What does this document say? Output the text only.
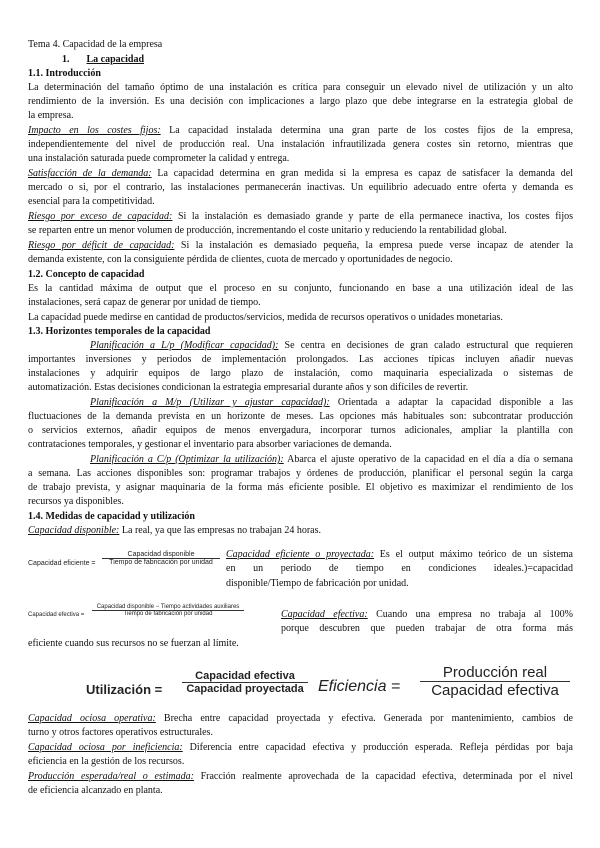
Tema 4. Capacidad de la empresa
1. La capacidad
1.1. Introducción
La determinación del tamaño óptimo de una instalación es crítica para conseguir un elevado nivel de utilización y un alto
rendimiento de la inversión. Es una decisión con implicaciones a largo plazo que debe integrarse en la estrategia global de
la empresa.
Impacto en los costes fijos: La capacidad instalada determina una gran parte de los costes fijos de la empresa,
independientemente del nivel de producción real. Una instalación infrautilizada genera costes sin retorno, mientras que
una instalación saturada puede comprometer la calidad y entrega.
Satisfacción de la demanda: La capacidad determina en gran medida si la empresa es capaz de satisfacer la demanda del
mercado o si, por el contrario, las instalaciones permanecerán inactivas. Un equilibrio adecuado entre oferta y demanda es
esencial para la competitividad.
Riesgo por exceso de capacidad: Si la instalación es demasiado grande y parte de ella permanece inactiva, los costes fijos
se reparten entre un menor volumen de producción, incrementando el coste unitario y reduciendo la rentabilidad global.
Riesgo por déficit de capacidad: Si la instalación es demasiado pequeña, la empresa puede verse incapaz de atender la
demanda existente, con la consiguiente pérdida de clientes, cuota de mercado y oportunidades de negocio.
1.2. Concepto de capacidad
Es la cantidad máxima de output que el proceso en su conjunto, funcionando en base a una utilización ideal de las
instalaciones, será capaz de generar por unidad de tiempo.
La capacidad puede medirse en cantidad de productos/servicios, medida de recursos operativos o unidades monetarias.
1.3. Horizontes temporales de la capacidad
Planificación a L/p (Modificar capacidad): Se centra en decisiones de gran calado estructural que requieren
importantes inversiones y periodos de implementación prolongados. Las acciones típicas incluyen añadir nuevas
instalaciones y adquirir equipos de largo plazo de instalación, como maquinaria especializada o sistemas de
automatización. Estas decisiones condicionan la estrategia empresarial durante años y son difíciles de revertir.
Planificación a M/p (Utilizar y ajustar capacidad): Orientada a adaptar la capacidad disponible a las
fluctuaciones de la demanda prevista en un horizonte de meses. Las opciones más habituales son: subcontratar producción
o servicios externos, añadir equipos de menos envergadura, incorporar turnos adicionales, ampliar la plantilla con
contrataciones temporales, y gestionar el inventario para absorber variaciones de demanda.
Planificación a C/p (Optimizar la utilización): Abarca el ajuste operativo de la capacidad en el día a día o semana
a semana. Las acciones disponibles son: programar trabajos y órdenes de producción, planificar el personal según la carga
de trabajo prevista, y asignar maquinaria de la forma más eficiente posible. El objetivo es maximizar el rendimiento de los
recursos ya disponibles.
1.4. Medidas de capacidad y utilización
Capacidad disponible: La real, ya que las empresas no trabajan 24 horas.
Capacidad eficiente =
Capacidad disponible
Tiempo de fabricación por unidad
Capacidad eficiente o proyectada: Es el output máximo teórico de un sistema
en un periodo de tiempo en condiciones ideales.)=capacidad
disponible/Tiempo de fabricación por unidad.
Capacidad efectiva =
Capacidad disponible − Tiempo actividades auxiliares
Tiempo de fabricación por unidad	Capacidad efectiva: Cuando una empresa no trabaja al 100%
porque descubren que pueden trabajar de otra forma más
eficiente cuando sus recursos no se fuerzan al límite.
Utilización =
Capacidad efectiva
Capacidad proyectada Eficiencia =
Producción real
Capacidad efectiva
Capacidad ociosa operativa: Brecha entre capacidad proyectada y efectiva. Generada por mantenimiento, cambios de
turno y otros factores operativos estructurales.
Capacidad ociosa por ineficiencia: Diferencia entre capacidad efectiva y producción esperada. Refleja pérdidas por baja
eficiencia en la gestión de los recursos.
Producción esperada/real o estimada: Fracción realmente aprovechada de la capacidad efectiva, determinada por el nivel
de eficiencia alcanzado en planta.
